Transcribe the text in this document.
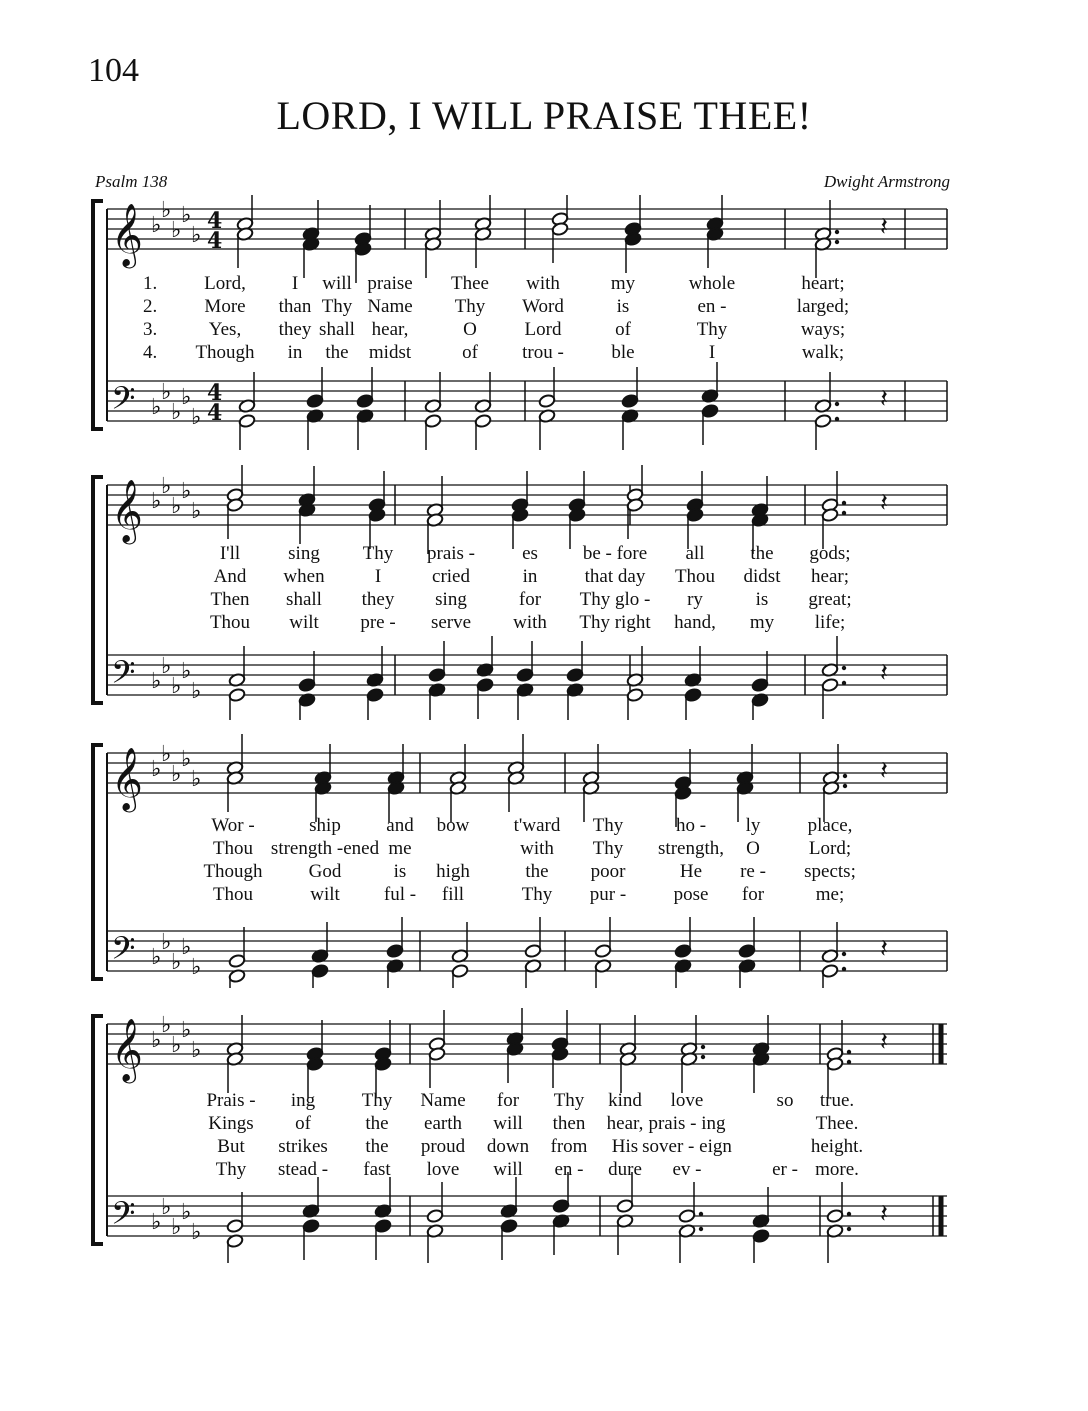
104
LORD, I WILL PRAISE THEE!
Psalm 138	Dwight Armstrong
𝄞
𝄢
♭
♭
♭
♭
♭
♭
♭
♭
♭
♭
4
4
4
4
𝄽
𝄽
1. Lord, I will praise Thee with	my	whole	heart;
2. More than Thy Name Thy Word	is	en -	larged;
3.	Yes, they shall hear,	O	Lord	of	Thy	ways;
4. Though in the midst	of trou -	ble	I	walk;
𝄞
𝄢
♭
♭
♭
♭
♭
♭
♭
♭
♭
♭
𝄽
𝄽
I'll	sing Thy prais - es be - fore all the gods;
And when	I	cried	in that day Thou didst hear;
Then shall they sing	for Thy glo - ry	is great;
Thou wilt pre - serve with Thy right hand, my life;
𝄞
𝄢
♭
♭
♭
♭
♭
♭
♭
♭
♭
♭
𝄽
𝄽
Wor -	ship and bow t'ward Thy	ho - ly place,
Thou strength -ened me	with Thy strength, O	Lord;
Though God	is high	the poor	He re - spects;
Thou	wilt ful - fill	Thy pur - pose for	me;
𝄞
𝄢
♭
♭
♭
♭
♭
♭
♭
♭
♭
♭
𝄽
𝄽
Prais - ing Thy Name for Thy kind love	so true.
Kings of	the earth will then hear, prais - ing	Thee.
But strikes the proud down from His sover - eign	height.
Thy stead - fast love will en - dure ev -	er - more.
